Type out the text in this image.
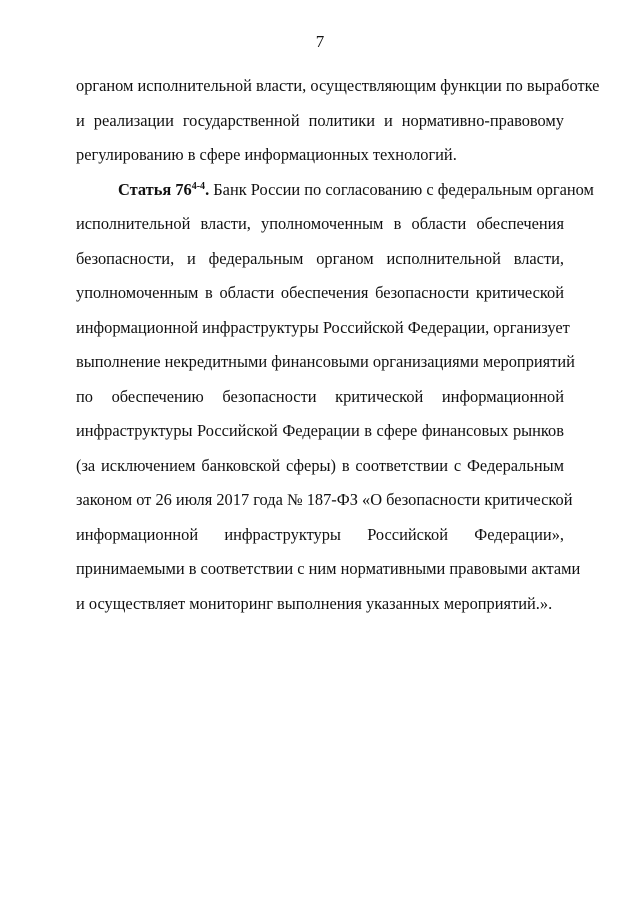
7
органом исполнительной власти, осуществляющим функции по выработке
и реализации государственной политики и нормативно-правовому
регулированию в сфере информационных технологий.
Статья 76$^{4-4}$. Банк России по согласованию с федеральным органом
исполнительной власти, уполномоченным в области обеспечения
безопасности, и федеральным органом исполнительной власти,
уполномоченным в области обеспечения безопасности критической
информационной инфраструктуры Российской Федерации, организует
выполнение некредитными финансовыми организациями мероприятий
по обеспечению безопасности критической информационной
инфраструктуры Российской Федерации в сфере финансовых рынков
(за исключением банковской сферы) в соответствии с Федеральным
законом от 26 июля 2017 года № 187-ФЗ «О безопасности критической
информационной инфраструктуры Российской Федерации»,
принимаемыми в соответствии с ним нормативными правовыми актами
и осуществляет мониторинг выполнения указанных мероприятий.».
